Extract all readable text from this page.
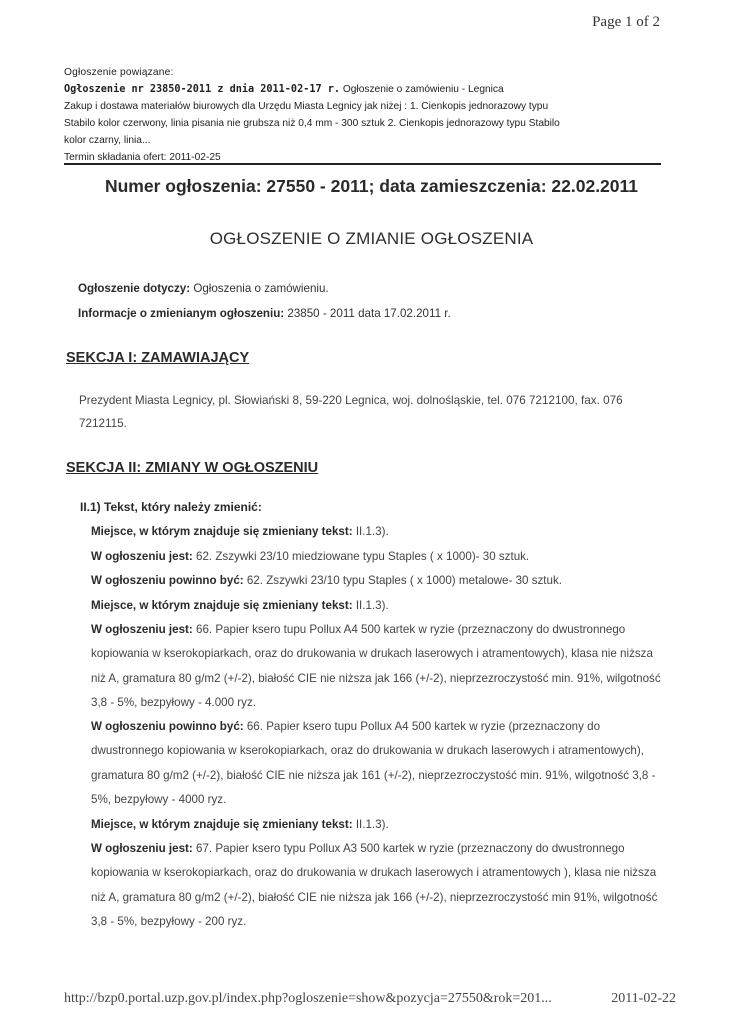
Page 1 of 2
Ogłoszenie powiązane:
Ogłoszenie nr 23850-2011 z dnia 2011-02-17 r. Ogłoszenie o zamówieniu - Legnica
Zakup i dostawa materiałów biurowych dla Urzędu Miasta Legnicy jak niżej : 1. Cienkopis jednorazowy typu
Stabilo kolor czerwony, linia pisania nie grubsza niż 0,4 mm - 300 sztuk 2. Cienkopis jednorazowy typu Stabilo
kolor czarny, linia...
Termin składania ofert: 2011-02-25
Numer ogłoszenia: 27550 - 2011; data zamieszczenia: 22.02.2011
OGŁOSZENIE O ZMIANIE OGŁOSZENIA
Ogłoszenie dotyczy: Ogłoszenia o zamówieniu.
Informacje o zmienianym ogłoszeniu: 23850 - 2011 data 17.02.2011 r.
SEKCJA I: ZAMAWIAJĄCY
Prezydent Miasta Legnicy, pl. Słowiański 8, 59-220 Legnica, woj. dolnośląskie, tel. 076 7212100, fax. 076 7212115.
SEKCJA II: ZMIANY W OGŁOSZENIU
II.1) Tekst, który należy zmienić:
Miejsce, w którym znajduje się zmieniany tekst: II.1.3).
W ogłoszeniu jest: 62. Zszywki 23/10 miedziowane typu Staples ( x 1000)- 30 sztuk.
W ogłoszeniu powinno być: 62. Zszywki 23/10 typu Staples ( x 1000) metalowe- 30 sztuk.
Miejsce, w którym znajduje się zmieniany tekst: II.1.3).
W ogłoszeniu jest: 66. Papier ksero tupu Pollux A4 500 kartek w ryzie (przeznaczony do dwustronnego kopiowania w kserokopiarkach, oraz do drukowania w drukach laserowych i atramentowych), klasa nie niższa niż A, gramatura 80 g/m2 (+/-2), białość CIE nie niższa jak 166 (+/-2), nieprzezroczystość min. 91%, wilgotność 3,8 - 5%, bezpyłowy - 4.000 ryz.
W ogłoszeniu powinno być: 66. Papier ksero tupu Pollux A4 500 kartek w ryzie (przeznaczony do dwustronnego kopiowania w kserokopiarkach, oraz do drukowania w drukach laserowych i atramentowych), gramatura 80 g/m2 (+/-2), białość CIE nie niższa jak 161 (+/-2), nieprzezroczystość min. 91%, wilgotność 3,8 - 5%, bezpyłowy - 4000 ryz.
Miejsce, w którym znajduje się zmieniany tekst: II.1.3).
W ogłoszeniu jest: 67. Papier ksero typu Pollux A3 500 kartek w ryzie (przeznaczony do dwustronnego kopiowania w kserokopiarkach, oraz do drukowania w drukach laserowych i atramentowych ), klasa nie niższa niż A, gramatura 80 g/m2 (+/-2), białość CIE nie niższa jak 166 (+/-2), nieprzezroczystość min 91%, wilgotność 3,8 - 5%, bezpyłowy - 200 ryz.
http://bzp0.portal.uzp.gov.pl/index.php?ogloszenie=show&pozycja=27550&rok=201...	2011-02-22
